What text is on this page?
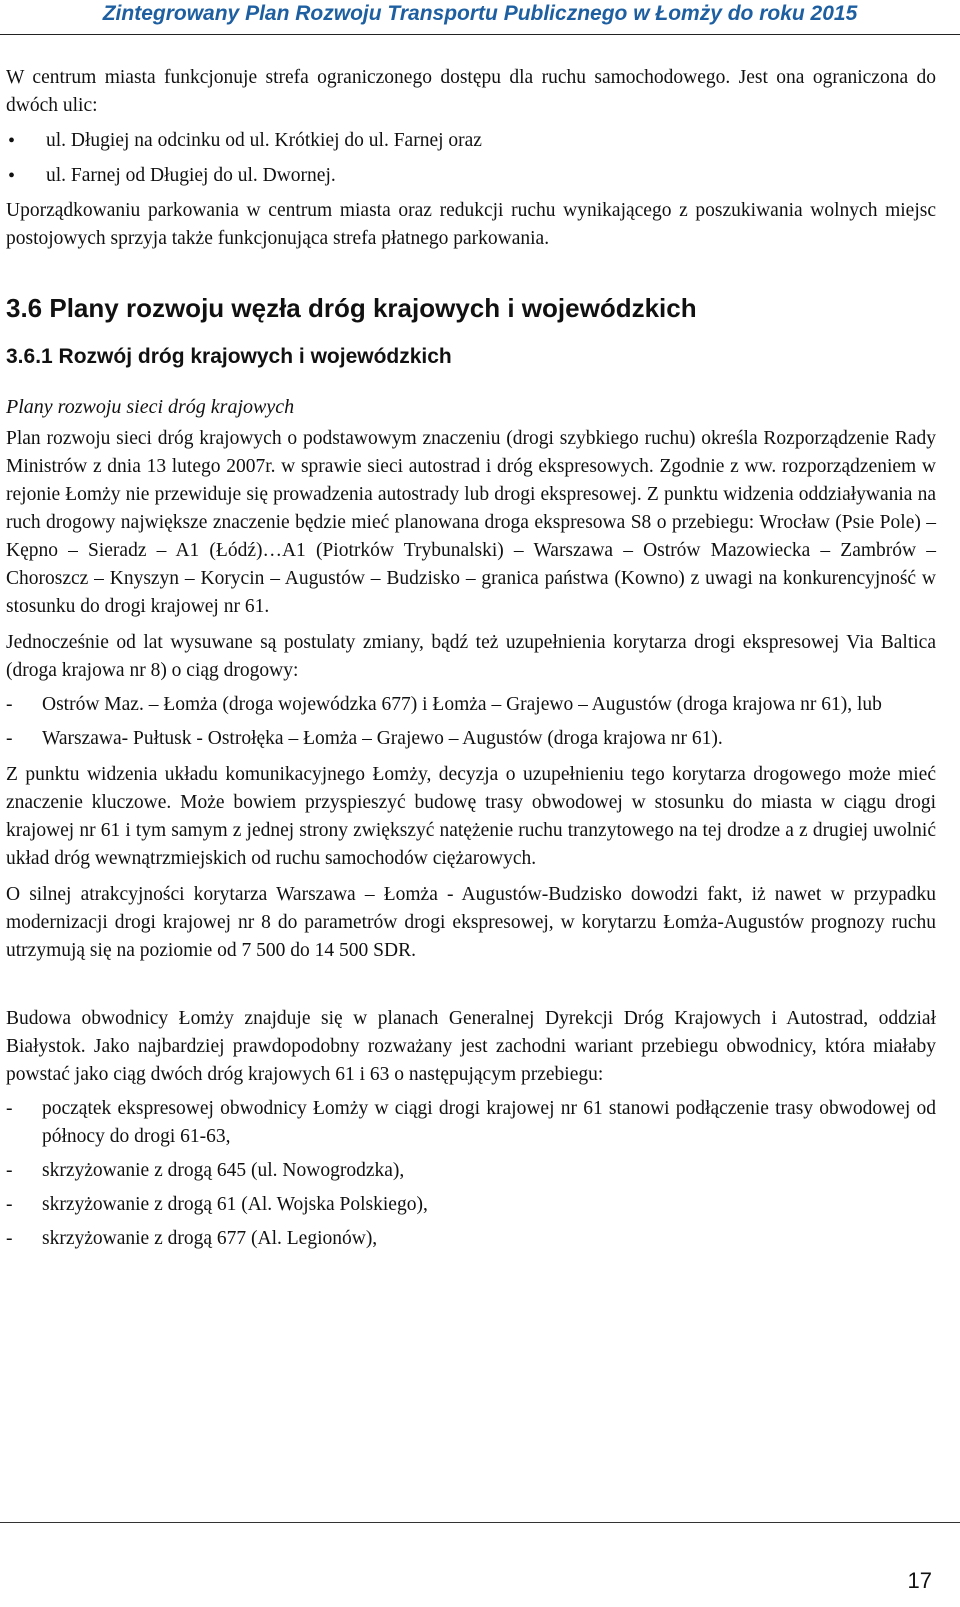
Zintegrowany Plan Rozwoju Transportu Publicznego w Łomży do roku 2015

W centrum miasta funkcjonuje strefa ograniczonego dostępu dla ruchu samochodowego. Jest ona ograniczona do dwóch ulic:

• ul. Długiej na odcinku od ul. Krótkiej do ul. Farnej oraz
• ul. Farnej od Długiej do ul. Dwornej.

Uporządkowaniu parkowania w centrum miasta oraz redukcji ruchu wynikającego z poszukiwania wolnych miejsc postojowych sprzyja także funkcjonująca strefa płatnego parkowania.

3.6 Plany rozwoju węzła dróg krajowych i wojewódzkich
3.6.1 Rozwój dróg krajowych i wojewódzkich

Plany rozwoju sieci dróg krajowych

Plan rozwoju sieci dróg krajowych o podstawowym znaczeniu (drogi szybkiego ruchu) określa Rozporządzenie Rady Ministrów z dnia 13 lutego 2007r. w sprawie sieci autostrad i dróg ekspresowych. Zgodnie z ww. rozporządzeniem w rejonie Łomży nie przewiduje się prowadzenia autostrady lub drogi ekspresowej. Z punktu widzenia oddziaływania na ruch drogowy największe znaczenie będzie mieć planowana droga ekspresowa S8 o przebiegu: Wrocław (Psie Pole) – Kępno – Sieradz – A1 (Łódź)…A1 (Piotrków Trybunalski) – Warszawa – Ostrów Mazowiecka – Zambrów – Choroszcz – Knyszyn – Korycin – Augustów – Budzisko – granica państwa (Kowno) z uwagi na konkurencyjność w stosunku do drogi krajowej nr 61.

Jednocześnie od lat wysuwane są postulaty zmiany, bądź też uzupełnienia korytarza drogi ekspresowej Via Baltica (droga krajowa nr 8) o ciąg drogowy:

- Ostrów Maz. – Łomża (droga wojewódzka 677) i Łomża – Grajewo – Augustów (droga krajowa nr 61), lub
- Warszawa- Pułtusk - Ostrołęka – Łomża – Grajewo – Augustów (droga krajowa nr 61).

Z punktu widzenia układu komunikacyjnego Łomży, decyzja o uzupełnieniu tego korytarza drogowego może mieć znaczenie kluczowe. Może bowiem przyspieszyć budowę trasy obwodowej w stosunku do miasta w ciągu drogi krajowej nr 61 i tym samym z jednej strony zwiększyć natężenie ruchu tranzytowego na tej drodze a z drugiej uwolnić układ dróg wewnątrzmiejskich od ruchu samochodów ciężarowych.

O silnej atrakcyjności korytarza Warszawa – Łomża - Augustów-Budzisko dowodzi fakt, iż nawet w przypadku modernizacji drogi krajowej nr 8 do parametrów drogi ekspresowej, w korytarzu Łomża-Augustów prognozy ruchu utrzymują się na poziomie od 7 500 do 14 500 SDR.

Budowa obwodnicy Łomży znajduje się w planach Generalnej Dyrekcji Dróg Krajowych i Autostrad, oddział Białystok. Jako najbardziej prawdopodobny rozważany jest zachodni wariant przebiegu obwodnicy, która miałaby powstać jako ciąg dwóch dróg krajowych 61 i 63 o następującym przebiegu:

- początek ekspresowej obwodnicy Łomży w ciągi drogi krajowej nr 61 stanowi podłączenie trasy obwodowej od północy do drogi 61-63,
- skrzyżowanie z drogą 645 (ul. Nowogrodzka),
- skrzyżowanie z drogą 61 (Al. Wojska Polskiego),
- skrzyżowanie z drogą 677 (Al. Legionów),
17
